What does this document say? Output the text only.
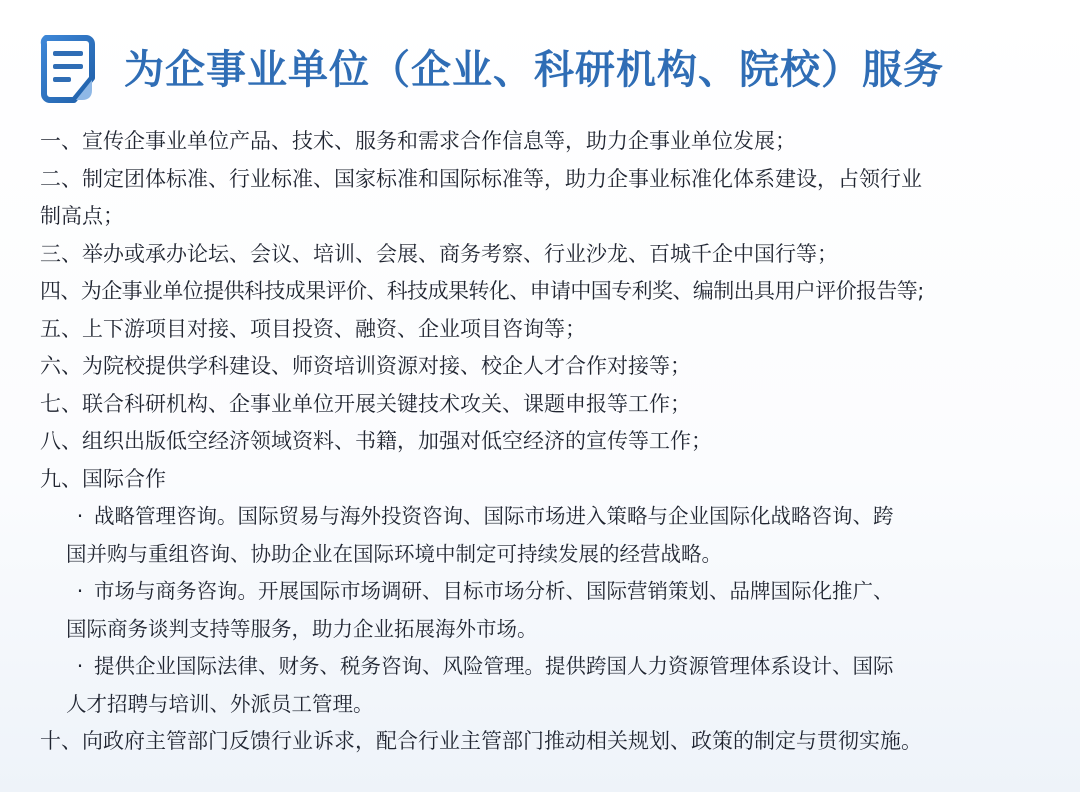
为企事业单位（企业、科研机构、院校）服务
一、宣传企事业单位产品、技术、服务和需求合作信息等，助力企事业单位发展；
二、制定团体标准、行业标准、国家标准和国际标准等，助力企事业标准化体系建设，占领行业
制高点；
三、举办或承办论坛、会议、培训、会展、商务考察、行业沙龙、百城千企中国行等；
四、为企事业单位提供科技成果评价、科技成果转化、申请中国专利奖、编制出具用户评价报告等;
五、上下游项目对接、项目投资、融资、企业项目咨询等；
六、为院校提供学科建设、师资培训资源对接、校企人才合作对接等；
七、联合科研机构、企事业单位开展关键技术攻关、课题申报等工作；
八、组织出版低空经济领域资料、书籍，加强对低空经济的宣传等工作；
九、国际合作
· 战略管理咨询。国际贸易与海外投资咨询、国际市场进入策略与企业国际化战略咨询、跨
国并购与重组咨询、协助企业在国际环境中制定可持续发展的经营战略。
· 市场与商务咨询。开展国际市场调研、目标市场分析、国际营销策划、品牌国际化推广、
国际商务谈判支持等服务，助力企业拓展海外市场。
· 提供企业国际法律、财务、税务咨询、风险管理。提供跨国人力资源管理体系设计、国际
人才招聘与培训、外派员工管理。
十、向政府主管部门反馈行业诉求，配合行业主管部门推动相关规划、政策的制定与贯彻实施。
